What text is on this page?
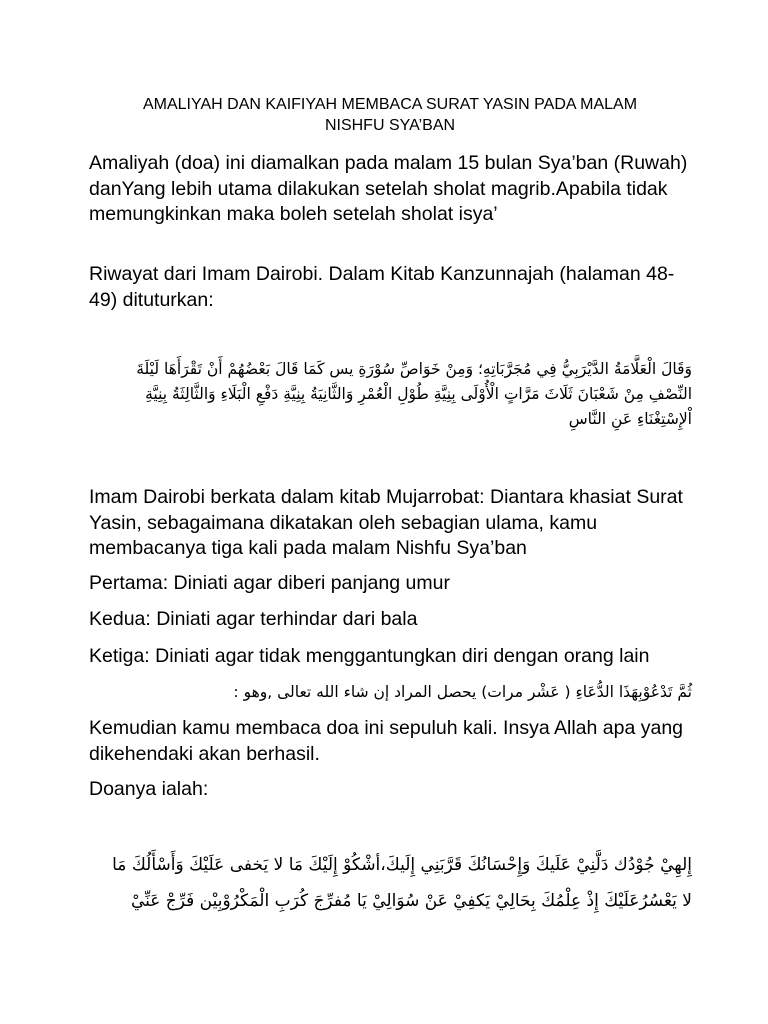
AMALIYAH DAN KAIFIYAH MEMBACA SURAT YASIN PADA MALAM
NISHFU SYA’BAN

Amaliyah (doa) ini diamalkan pada malam 15 bulan Sya’ban (Ruwah) danYang lebih utama dilakukan setelah sholat magrib.Apabila tidak memungkinkan maka boleh setelah sholat isya’

Riwayat dari Imam Dairobi. Dalam Kitab Kanzunnajah (halaman 48-49) dituturkan:

وَقَالَ الْعَلَّامَةُ الدَّيْرَبِيُّ فِي مُجَرَّبَاتِهِ؛ وَمِنْ خَوَاصِّ سُوْرَةِ يس كَمَا قَالَ بَعْضُهُمْ أَنْ تَقْرَأَهَا لَيْلَةَ
النِّصْفِ مِنْ شَعْبَانَ ثَلَاثَ مَرَّاتٍ الْأُوْلَى بِنِيَّةِ طُوْلِ الْعُمْرِ وَالثَّانِيَةُ بِنِيَّةِ دَفْعِ الْبَلَاءِ وَالثَّالِثَةُ بِنِيَّةِ
اْلإِسْتِغْنَاءِ عَنِ النَّاسِ

Imam Dairobi berkata dalam kitab Mujarrobat: Diantara khasiat Surat Yasin, sebagaimana dikatakan oleh sebagian ulama, kamu membacanya tiga kali pada malam Nishfu Sya’ban

Pertama: Diniati agar diberi panjang umur

Kedua: Diniati agar terhindar dari bala

Ketiga: Diniati agar tidak menggantungkan diri dengan orang lain

ثُمَّ تَدْعُوْبِهَذَا الدُّعَاءِ ( عَشْر مرات) يحصل المراد إن شاء الله تعالى ,وهو :

Kemudian kamu membaca doa ini sepuluh kali. Insya Allah apa yang dikehendaki akan berhasil.

Doanya ialah:

إِلهِيْ جُوْدُك دَلَّنِيْ عَلَيكَ وَإِحْسَانُكَ قَرَّبَنِي إِلَيكَ،أشْكُوْ إِلَيْكَ مَا لا يَخفى عَلَيْكَ وَأَسْأَلُكَ مَا
لا يَعْسُرُعَلَيْكَ إِذْ عِلْمُكَ بِحَالِيْ يَكفِيْ عَنْ سُوَالِيْ يَا مُفرِّجَ كُرَبِ الْمَكْرُوْبِيْن فَرِّجْ عَنِّيْ
